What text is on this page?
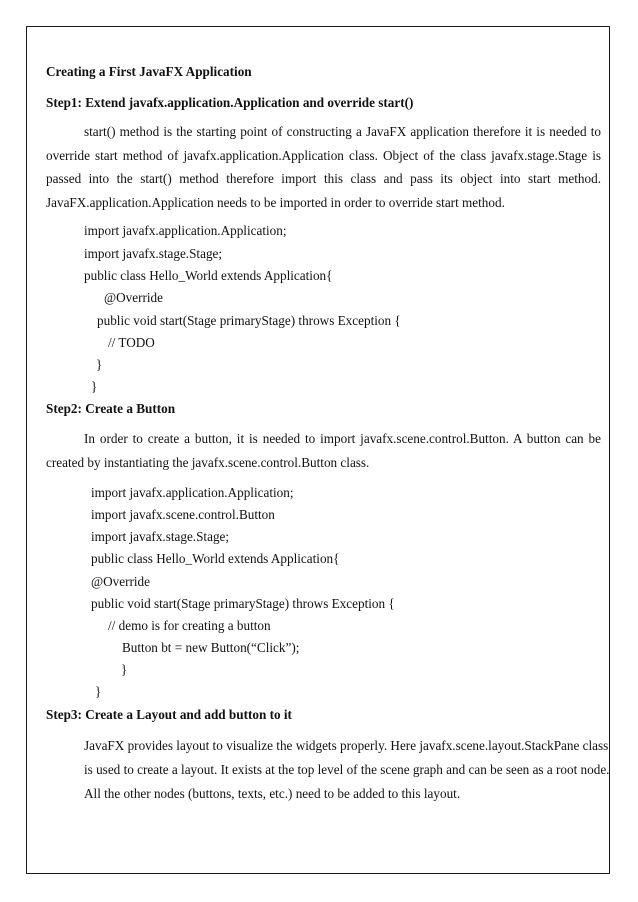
Creating a First JavaFX Application
Step1: Extend javafx.application.Application and override start()
start() method is the starting point of constructing a JavaFX application therefore it is needed to override start method of javafx.application.Application class. Object of the class javafx.stage.Stage is passed into the start() method therefore import this class and pass its object into start method. JavaFX.application.Application needs to be imported in order to override start method.
import javafx.application.Application;
import javafx.stage.Stage;
public class Hello_World extends Application{
@Override
public void start(Stage primaryStage) throws Exception {
// TODO
}
}
Step2: Create a Button
In order to create a button, it is needed to import javafx.scene.control.Button. A button can be created by instantiating the javafx.scene.control.Button class.
import javafx.application.Application;
import javafx.scene.control.Button
import javafx.stage.Stage;
public class Hello_World extends Application{
@Override
public void start(Stage primaryStage) throws Exception {
// demo is for creating a button
Button bt = new Button(“Click”);
}
}
Step3: Create a Layout and add button to it
JavaFX provides layout to visualize the widgets properly. Here javafx.scene.layout.StackPane class
is used to create a layout. It exists at the top level of the scene graph and can be seen as a root node.
All the other nodes (buttons, texts, etc.) need to be added to this layout.
